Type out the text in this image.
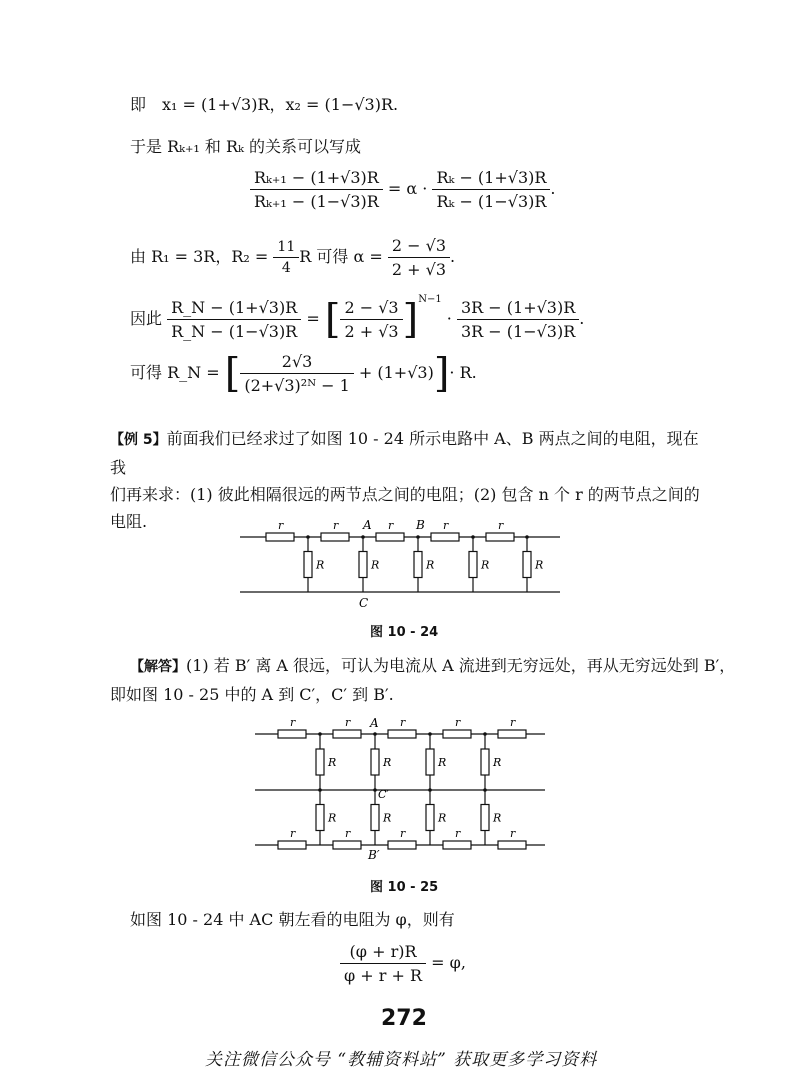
即　x₁ = (1+√3)R，x₂ = (1−√3)R.
于是 Rₖ₊₁ 和 Rₖ 的关系可以写成
$\frac{\text{Rₖ₊₁ − (1+√3)R}}{\text{Rₖ₊₁ − (1−√3)R}} = \alpha \cdot \frac{\text{Rₖ − (1+√3)R}}{\text{Rₖ − (1−√3)R}}$ .
由 R₁ = 3R，$R_2 = \frac{11}{4}$ R 可得 $\alpha = \frac{2 - √3}{2 + √3}$ .
因此 $\frac{R\_N - (1+√3)R}{R\_N - (1-√3)R}$ = [ $\frac{2 - √3}{2 + √3} ]^{N-1} \cdot \frac{3R - (1+√3)R}{3R - (1-√3)R}$ .
可得 R_N = [ $\frac{2√3}{\text{(2+√3)²ᴺ − 1}} + (1+√3)]\cdot R$.
【例 5】前面我们已经求过了如图 10 - 24 所示电路中 A、B 两点之间的电阻，现在我
们再来求：(1) 彼此相隔很远的两节点之间的电阻；(2) 包含 n 个 r 的两节点之间的
电阻.	r	r	r	r	r
R	R	R	R	R
A	B
C
图 10 - 24
【解答】(1) 若 B′ 离 A 很远，可认为电流从 A 流进到无穷远处，再从无穷远处到 B′，
即如图 10 - 25 中的 A 到 C′，C′ 到 B′.
r	r	r	r	r
r	r	r	r	r
R	R	R	R
R	R	R	R
A
C′
B′
图 10 - 25
如图 10 - 24 中 AC 朝左看的电阻为 φ，则有
$\frac{(\varphi + r)R}{\varphi + r + R} = \varphi$,
272
关注微信公众号 “教辅资料站” 获取更多学习资料
